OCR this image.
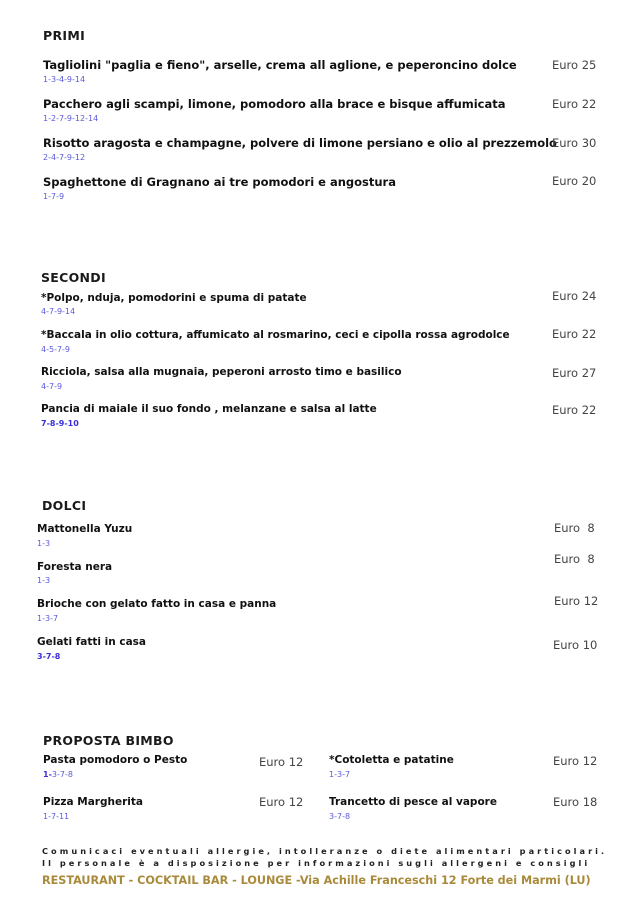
PRIMI
Tagliolini "paglia e fieno", arselle, crema all aglione, e peperoncino dolce
1-3-4-9-14
Euro 25
Pacchero agli scampi, limone, pomodoro alla brace e bisque affumicata
1-2-7-9-12-14
Euro 22
Risotto aragosta e champagne, polvere di limone persiano e olio al prezzemolo
2-4-7-9-12
Euro 30
Spaghettone di Gragnano ai tre pomodori e angostura
1-7-9
Euro 20
SECONDI
*Polpo, nduja, pomodorini e spuma di patate
4-7-9-14
Euro 24
*Baccala in olio cottura, affumicato al rosmarino, ceci e cipolla rossa agrodolce
4-5-7-9
Euro 22
Ricciola, salsa alla mugnaia, peperoni arrosto timo e basilico
4-7-9
Euro 27
Pancia di maiale il suo fondo , melanzane e salsa al latte
7-8-9-10
Euro 22
DOLCI
Mattonella Yuzu
1-3
Euro  8
Foresta nera
1-3
Euro  8
Brioche con gelato fatto in casa e panna
1-3-7
Euro 12
Gelati fatti in casa
3-7-8
Euro 10
PROPOSTA BIMBO
Pasta pomodoro o Pesto
1-3-7-8
Euro 12 *Cotoletta e patatine
1-3-7
Euro 12
Pizza Margherita
1-7-11
Euro 12 Trancetto di pesce al vapore
3-7-8
Euro 18
Comunicaci eventuali allergie, intolleranze o diete alimentari particolari.
Il personale è a disposizione per informazioni sugli allergeni e consigli
RESTAURANT - COCKTAIL BAR - LOUNGE -Via Achille Franceschi 12 Forte dei Marmi (LU)
